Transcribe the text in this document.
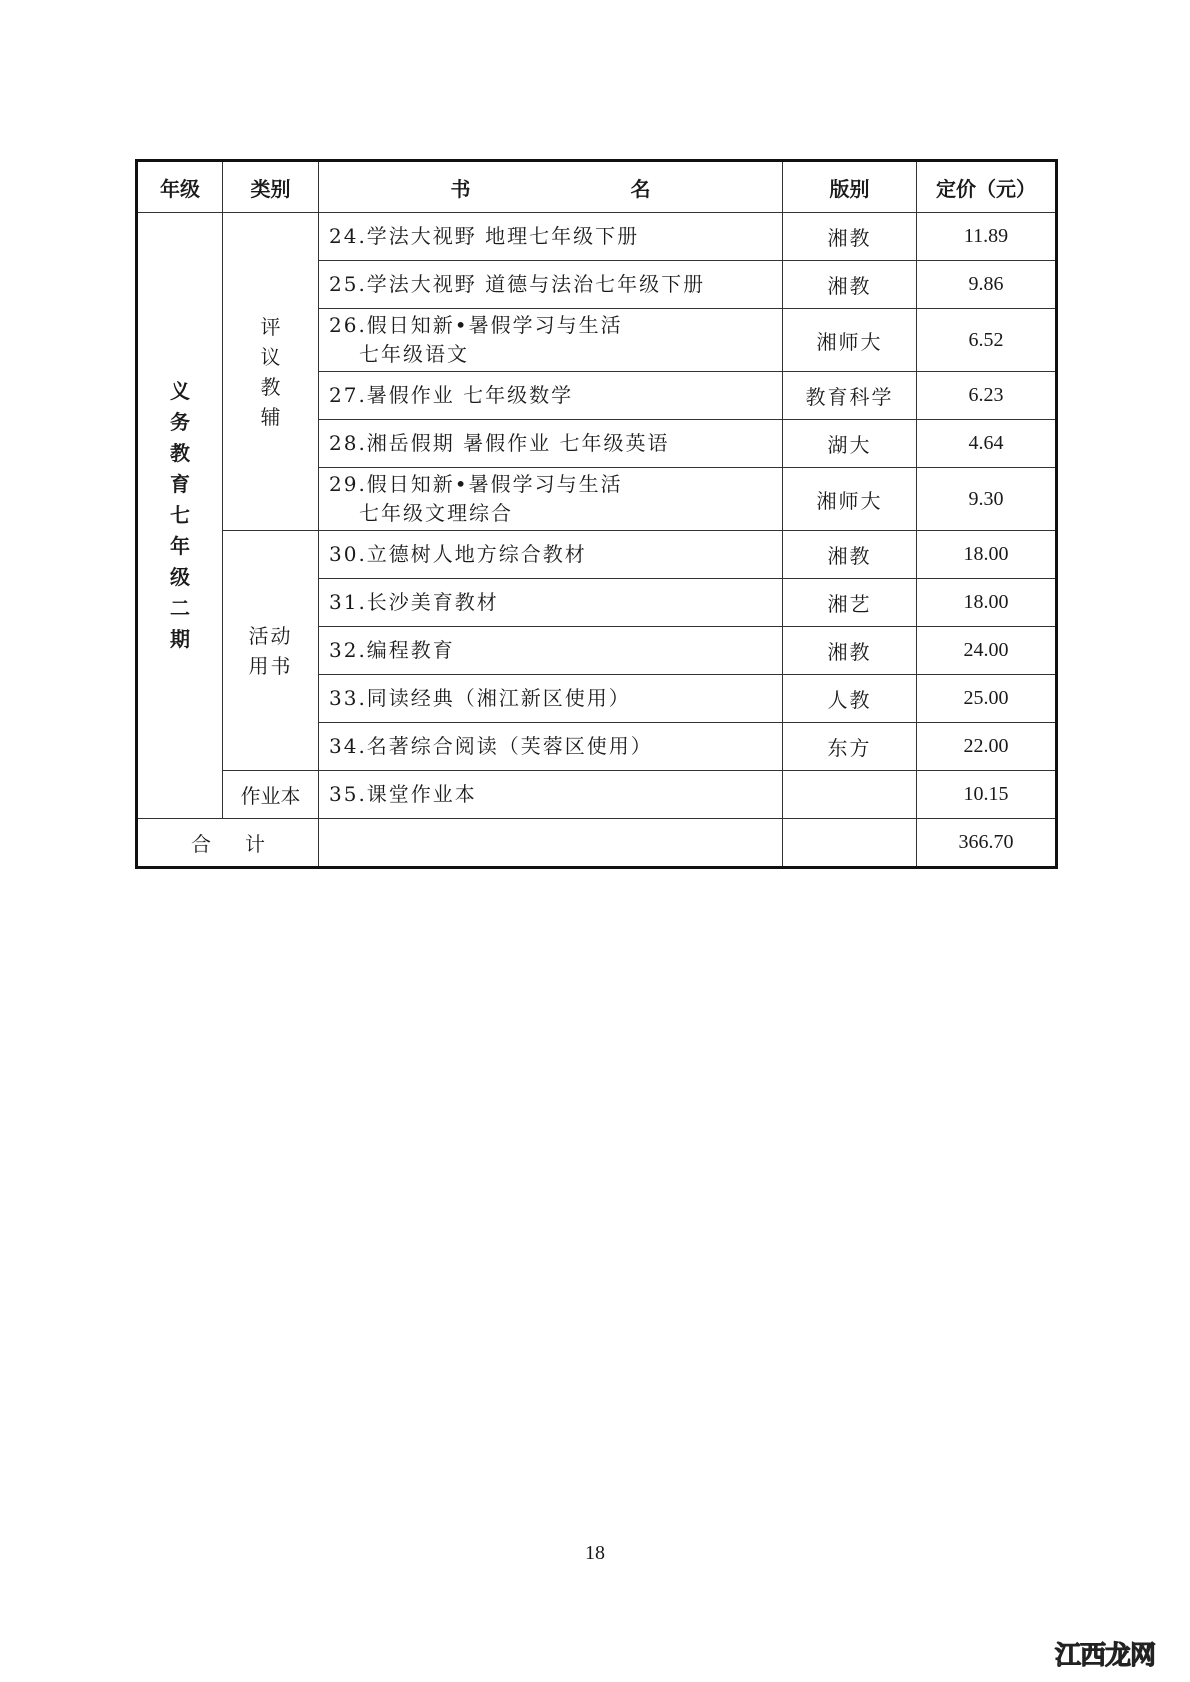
年级	类别	书 名	版别	定价（元）
义务教育七年级二期	评议教辅	24.学法大视野 地理七年级下册	湘教	11.89
		25.学法大视野 道德与法治七年级下册	湘教	9.86
		26.假日知新•暑假学习与生活
七年级语文	湘师大	6.52
		27.暑假作业 七年级数学	教育科学	6.23
		28.湘岳假期 暑假作业 七年级英语	湖大	4.64
		29.假日知新•暑假学习与生活
七年级文理综合	湘师大	9.30
	活动用书	30.立德树人地方综合教材	湘教	18.00
		31.长沙美育教材	湘艺	18.00
		32.编程教育	湘教	24.00
		33.同读经典（湘江新区使用）	人教	25.00
		34.名著综合阅读（芙蓉区使用）	东方	22.00
	作业本	35.课堂作业本		10.15
合计				366.70
18
江西龙网
